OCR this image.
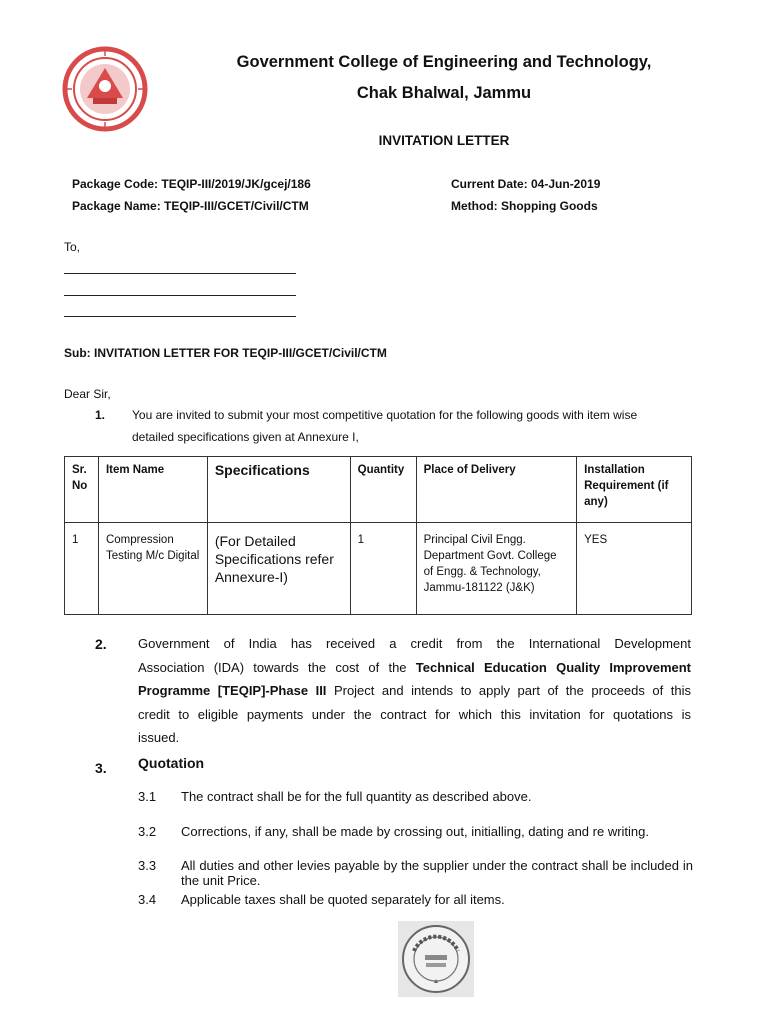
Government College of Engineering and Technology,
Chak Bhalwal, Jammu
INVITATION LETTER
Package Code: TEQIP-III/2019/JK/gcej/186
Package Name: TEQIP-III/GCET/Civil/CTM
Current Date: 04-Jun-2019
Method: Shopping Goods
To,
Sub: INVITATION LETTER FOR TEQIP-III/GCET/Civil/CTM
Dear Sir,
1. You are invited to submit your most competitive quotation for the following goods with item wise
detailed specifications given at Annexure I,
Sr. No	Item Name	Specifications	Quantity	Place of Delivery	Installation Requirement (if any)
1	Compression Testing M/c Digital	(For Detailed Specifications refer Annexure-I)	1	Principal Civil Engg. Department Govt. College of Engg. & Technology, Jammu-181122 (J&K)	YES
2. Government of India has received a credit from the International Development
Association (IDA) towards the cost of the Technical Education Quality Improvement
Programme [TEQIP]-Phase III Project and intends to apply part of the proceeds of this
credit to eligible payments under the contract for which this invitation for quotations is
issued.
3. Quotation
3.1 The contract shall be for the full quantity as described above.
3.2 Corrections, if any, shall be made by crossing out, initialling, dating and re writing.
3.3 All duties and other levies payable by the supplier under the contract shall be included in the unit Price.
3.4 Applicable taxes shall be quoted separately for all items.
